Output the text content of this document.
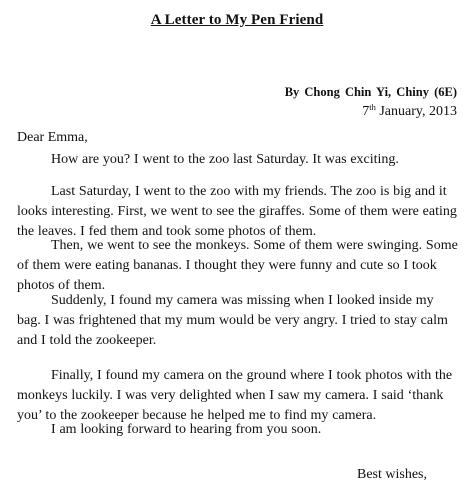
A Letter to My Pen Friend
By Chong Chin Yi, Chiny (6E)
7th January, 2013
Dear Emma,

How are you? I went to the zoo last Saturday. It was exciting.

Last Saturday, I went to the zoo with my friends. The zoo is big and it looks interesting. First, we went to see the giraffes. Some of them were eating the leaves. I fed them and took some photos of them.

Then, we went to see the monkeys. Some of them were swinging. Some of them were eating bananas. I thought they were funny and cute so I took photos of them.

Suddenly, I found my camera was missing when I looked inside my bag. I was frightened that my mum would be very angry. I tried to stay calm and I told the zookeeper.

Finally, I found my camera on the ground where I took photos with the monkeys luckily. I was very delighted when I saw my camera. I said ‘thank you’ to the zookeeper because he helped me to find my camera.

I am looking forward to hearing from you soon.

Best wishes,
